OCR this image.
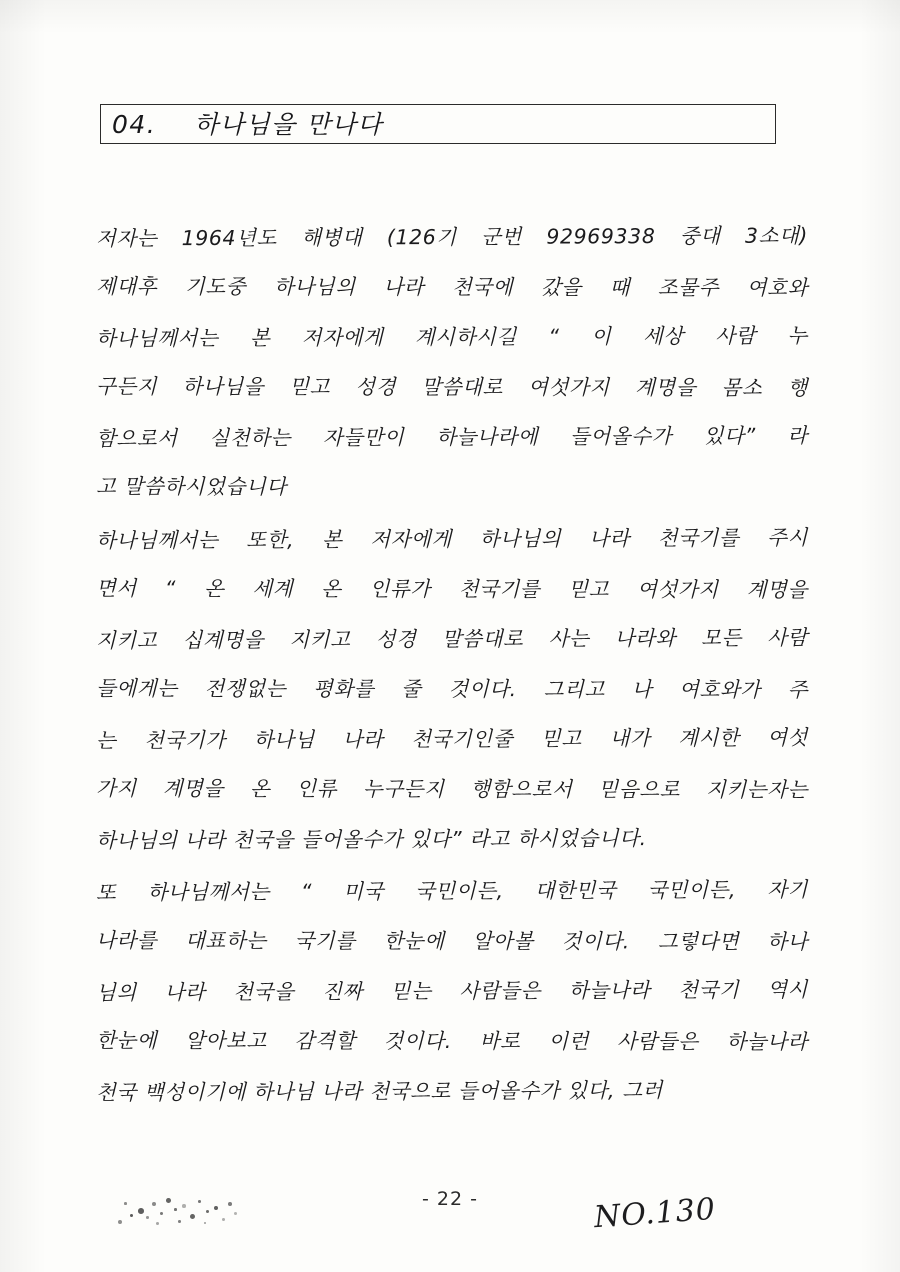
04. 하나님을 만나다
저자는 1964년도 해병대 (126기 군번 92969338 중대 3소대)
제대후 기도중 하나님의 나라 천국에 갔을 때 조물주 여호와
하나님께서는 본 저자에게 계시하시길 “ 이 세상 사람 누
구든지 하나님을 믿고 성경 말씀대로 여섯가지 계명을 몸소 행
함으로서 실천하는 자들만이 하늘나라에 들어올수가 있다” 라
고 말씀하시었습니다
하나님께서는 또한, 본 저자에게 하나님의 나라 천국기를 주시
면서 “ 온 세계 온 인류가 천국기를 믿고 여섯가지 계명을
지키고 십계명을 지키고 성경 말씀대로 사는 나라와 모든 사람
들에게는 전쟁없는 평화를 줄 것이다. 그리고 나 여호와가 주
는 천국기가 하나님 나라 천국기인줄 믿고 내가 계시한 여섯
가지 계명을 온 인류 누구든지 행함으로서 믿음으로 지키는자는
하나님의 나라 천국을 들어올수가 있다” 라고 하시었습니다.
또 하나님께서는 “ 미국 국민이든, 대한민국 국민이든, 자기
나라를 대표하는 국기를 한눈에 알아볼 것이다. 그렇다면 하나
님의 나라 천국을 진짜 믿는 사람들은 하늘나라 천국기 역시
한눈에 알아보고 감격할 것이다. 바로 이런 사람들은 하늘나라
천국 백성이기에 하나님 나라 천국으로 들어올수가 있다, 그러
- 22 -	NO.130
